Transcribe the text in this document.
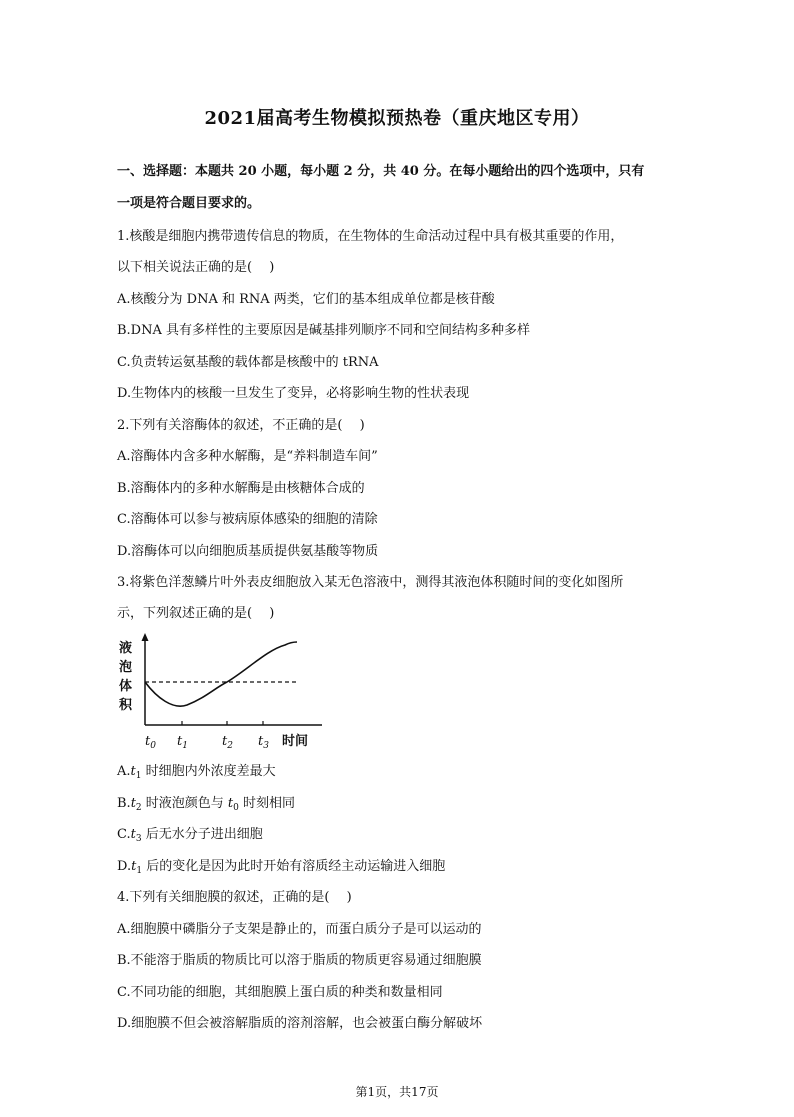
2021届高考生物模拟预热卷（重庆地区专用）
一、选择题：本题共 20 小题，每小题 2 分，共 40 分。在每小题给出的四个选项中，只有
一项是符合题目要求的。
1.核酸是细胞内携带遗传信息的物质，在生物体的生命活动过程中具有极其重要的作用，
以下相关说法正确的是(　 )
A.核酸分为 DNA 和 RNA 两类，它们的基本组成单位都是核苷酸
B.DNA 具有多样性的主要原因是碱基排列顺序不同和空间结构多种多样
C.负责转运氨基酸的载体都是核酸中的 tRNA
D.生物体内的核酸一旦发生了变异，必将影响生物的性状表现
2.下列有关溶酶体的叙述，不正确的是(　 )
A.溶酶体内含多种水解酶，是“养料制造车间”
B.溶酶体内的多种水解酶是由核糖体合成的
C.溶酶体可以参与被病原体感染的细胞的清除
D.溶酶体可以向细胞质基质提供氨基酸等物质
3.将紫色洋葱鳞片叶外表皮细胞放入某无色溶液中，测得其液泡体积随时间的变化如图所
示，下列叙述正确的是(　 )
液
泡
体
积
$t_0$ $t_1$	$t_2$ $t_3$ 时间
$A.t_1$ 时细胞内外浓度差最大
$B.t_2$ 时液泡颜色与 $t_0$ 时刻相同
$C.t_3$ 后无水分子进出细胞
$D.t_1$ 后的变化是因为此时开始有溶质经主动运输进入细胞
4.下列有关细胞膜的叙述，正确的是(　 )
A.细胞膜中磷脂分子支架是静止的，而蛋白质分子是可以运动的
B.不能溶于脂质的物质比可以溶于脂质的物质更容易通过细胞膜
C.不同功能的细胞，其细胞膜上蛋白质的种类和数量相同
D.细胞膜不但会被溶解脂质的溶剂溶解，也会被蛋白酶分解破坏
第1页，共17页
